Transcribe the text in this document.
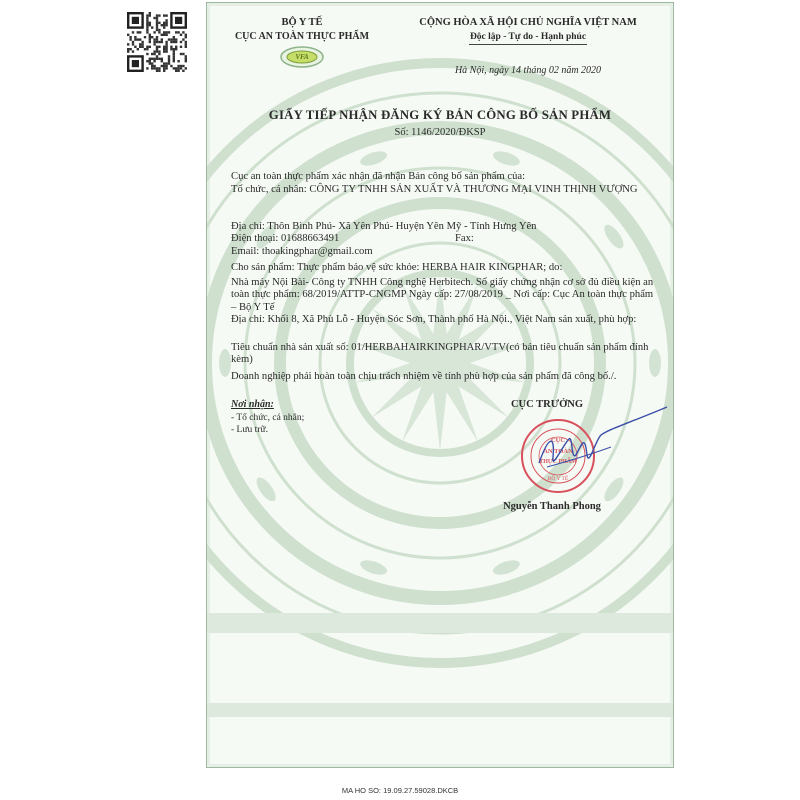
BỘ Y TẾ
CỤC AN TOÀN THỰC PHẨM
VFA
CỘNG HÒA XÃ HỘI CHỦ NGHĨA VIỆT NAM
Độc lập - Tự do - Hạnh phúc
Hà Nội, ngày 14 tháng 02 năm 2020
GIẤY TIẾP NHẬN ĐĂNG KÝ BẢN CÔNG BỐ SẢN PHẨM
Số: 1146/2020/ĐKSP
Cục an toàn thực phẩm xác nhận đã nhận Bản công bố sản phẩm của:
Tổ chức, cá nhân: CÔNG TY TNHH SẢN XUẤT VÀ THƯƠNG MẠI VINH THỊNH VƯỢNG
Địa chỉ: Thôn Bình Phú- Xã Yên Phú- Huyện Yên Mỹ - Tỉnh Hưng Yên
Điện thoại: 01688663491	Fax:
Email: thoakingphar@gmail.com
Cho sản phẩm: Thực phẩm bảo vệ sức khỏe: HERBA HAIR KINGPHAR; do:
Nhà máy Nội Bài- Công ty TNHH Công nghệ Herbitech. Số giấy chứng nhận cơ sở đủ điều kiện an toàn thực phẩm: 68/2019/ATTP-CNGMP Ngày cấp: 27/08/2019 _ Nơi cấp: Cục An toàn thực phẩm – Bộ Y Tế
Địa chỉ: Khối 8, Xã Phù Lỗ - Huyện Sóc Sơn, Thành phố Hà Nội., Việt Nam sản xuất, phù hợp:
Tiêu chuẩn nhà sản xuất số: 01/HERBAHAIRKINGPHAR/VTV(có bản tiêu chuẩn sản phẩm đính kèm)
Doanh nghiệp phải hoàn toàn chịu trách nhiệm về tính phù hợp của sản phẩm đã công bố./.
Nơi nhận:
- Tổ chức, cá nhân;
- Lưu trữ.
CỤC TRƯỞNG
CỤC
AN TOÀN
THỰC PHẨM
BỘ Y TẾ
Nguyễn Thanh Phong
MA HO SO: 19.09.27.59028.DKCB
